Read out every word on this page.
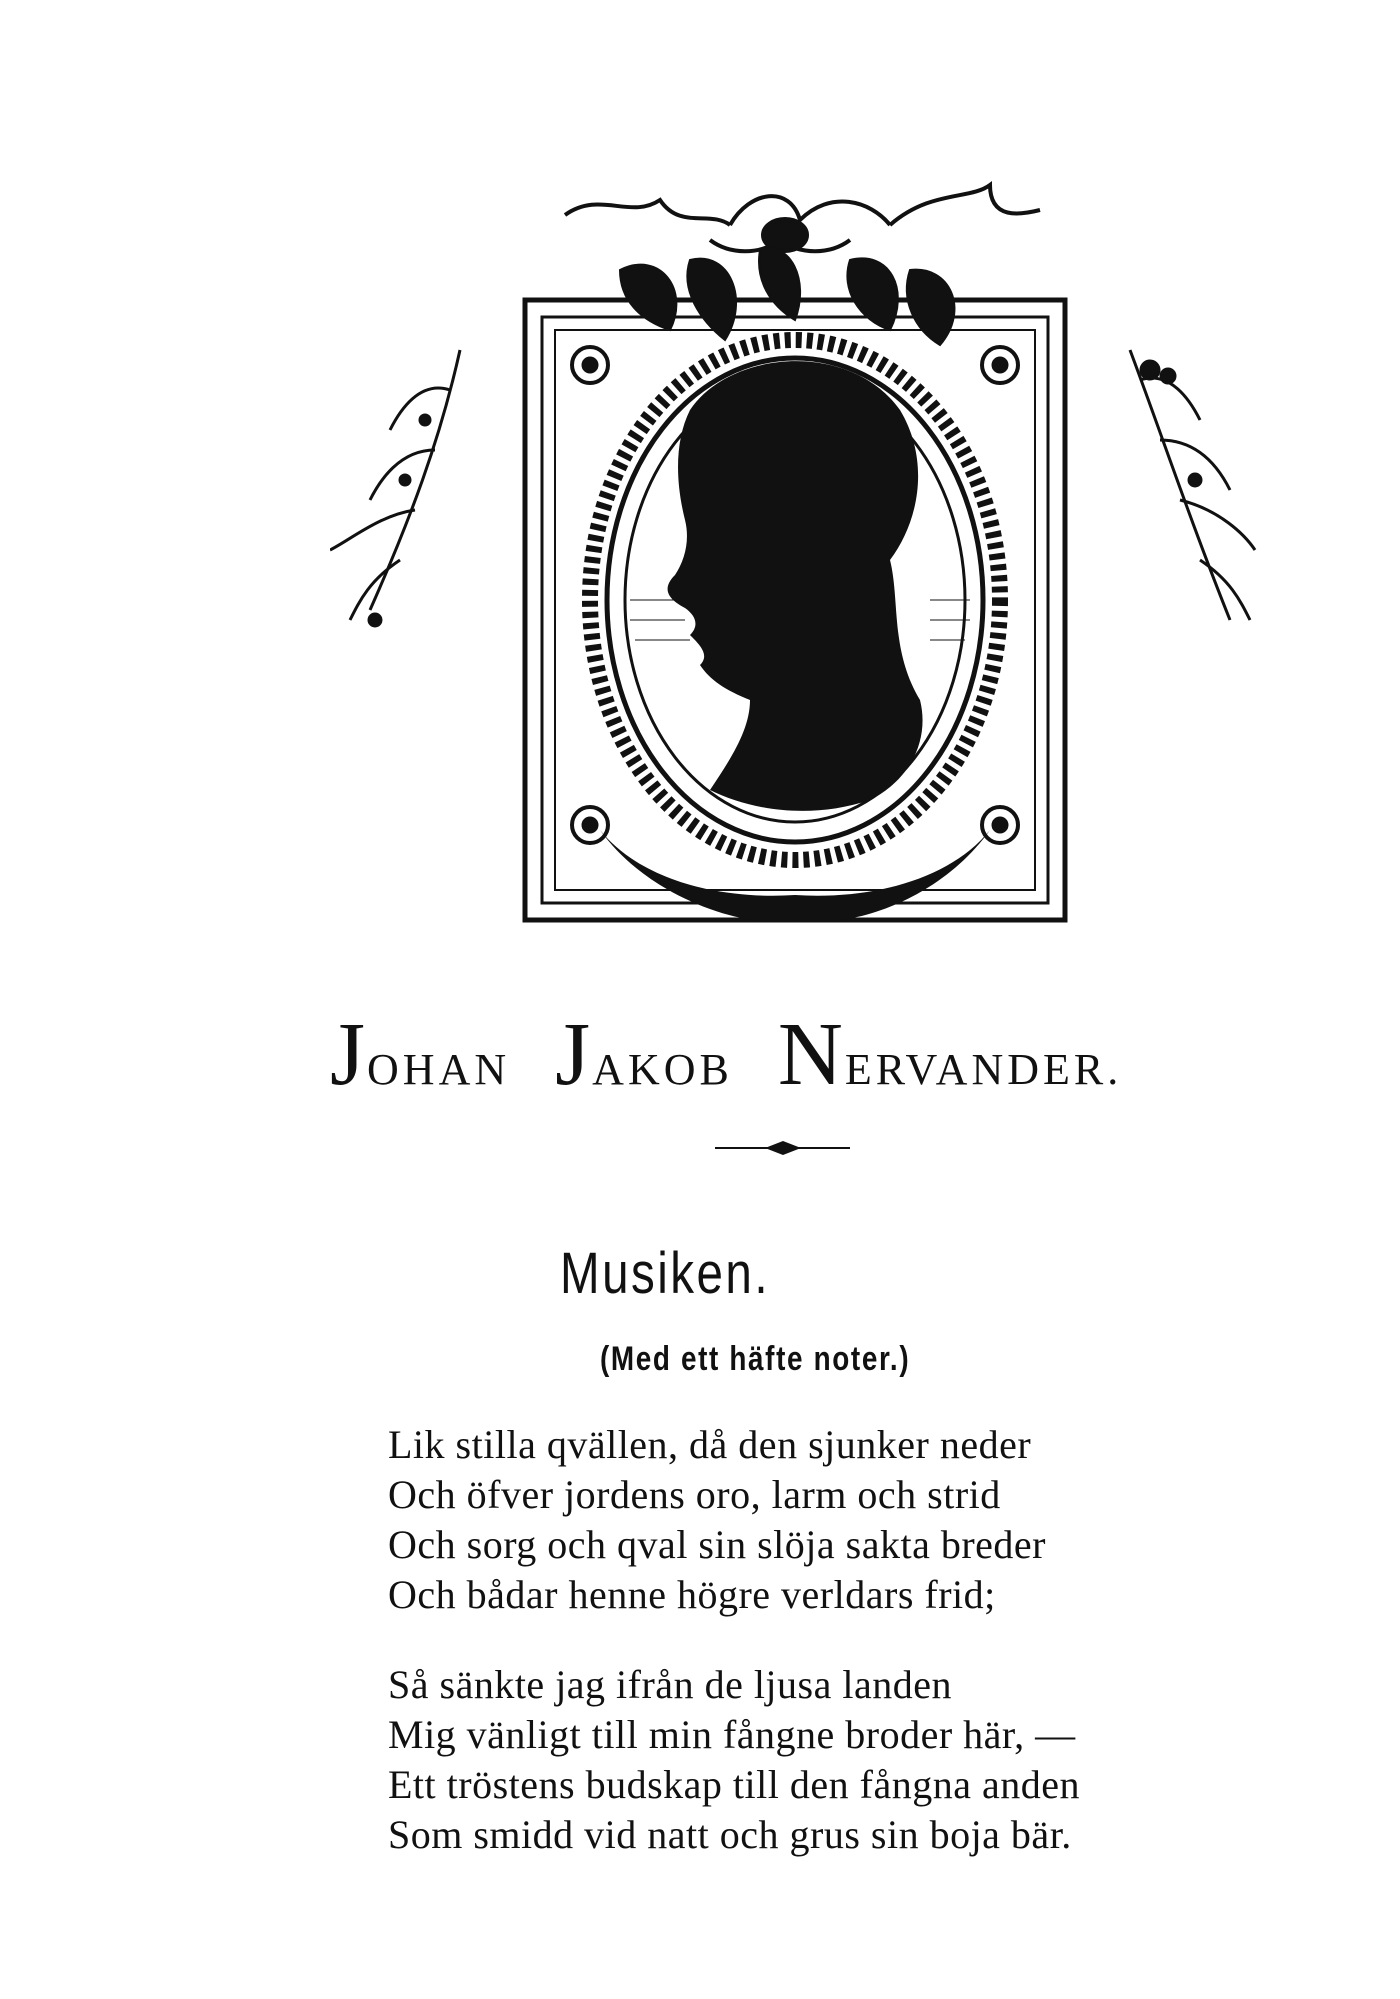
JOHAN JAKOB NERVANDER.
Musiken.
(Med ett häfte noter.)
Lik stilla qvällen, då den sjunker neder
Och öfver jordens oro, larm och strid
Och sorg och qval sin slöja sakta breder
Och bådar henne högre verldars frid;
Så sänkte jag ifrån de ljusa landen
Mig vänligt till min fångne broder här, —
Ett tröstens budskap till den fångna anden
Som smidd vid natt och grus sin boja bär.
